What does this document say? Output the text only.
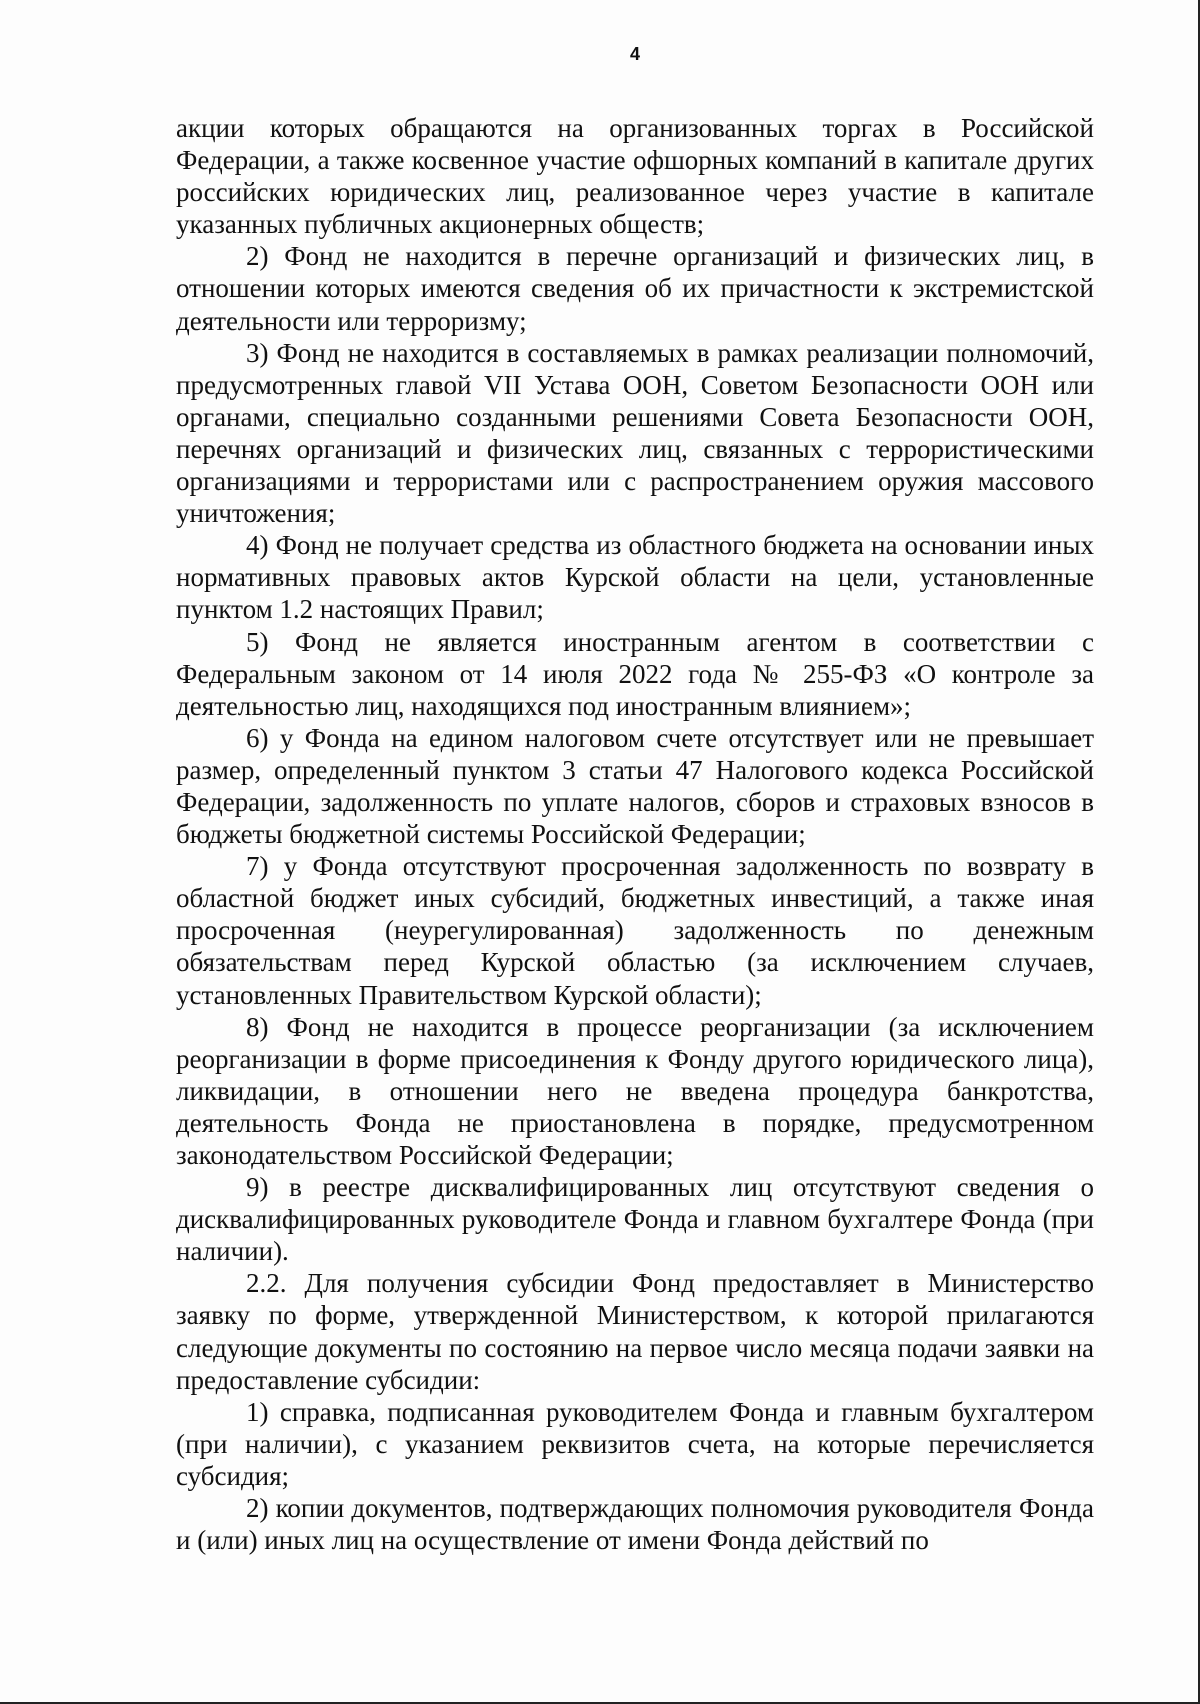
4

акции которых обращаются на организованных торгах в Российской Федерации, а также косвенное участие офшорных компаний в капитале других российских юридических лиц, реализованное через участие в капитале указанных публичных акционерных обществ;

2) Фонд не находится в перечне организаций и физических лиц, в отношении которых имеются сведения об их причастности к экстремистской деятельности или терроризму;

3) Фонд не находится в составляемых в рамках реализации полномочий, предусмотренных главой VII Устава ООН, Советом Безопасности ООН или органами, специально созданными решениями Совета Безопасности ООН, перечнях организаций и физических лиц, связанных с террористическими организациями и террористами или с распространением оружия массового уничтожения;

4) Фонд не получает средства из областного бюджета на основании иных нормативных правовых актов Курской области на цели, установленные пунктом 1.2 настоящих Правил;

5) Фонд не является иностранным агентом в соответствии с Федеральным законом от 14 июля 2022 года № 255-ФЗ «О контроле за деятельностью лиц, находящихся под иностранным влиянием»;

6) у Фонда на едином налоговом счете отсутствует или не превышает размер, определенный пунктом 3 статьи 47 Налогового кодекса Российской Федерации, задолженность по уплате налогов, сборов и страховых взносов в бюджеты бюджетной системы Российской Федерации;

7) у Фонда отсутствуют просроченная задолженность по возврату в областной бюджет иных субсидий, бюджетных инвестиций, а также иная просроченная (неурегулированная) задолженность по денежным обязательствам перед Курской областью (за исключением случаев, установленных Правительством Курской области);

8) Фонд не находится в процессе реорганизации (за исключением реорганизации в форме присоединения к Фонду другого юридического лица), ликвидации, в отношении него не введена процедура банкротства, деятельность Фонда не приостановлена в порядке, предусмотренном законодательством Российской Федерации;

9) в реестре дисквалифицированных лиц отсутствуют сведения о дисквалифицированных руководителе Фонда и главном бухгалтере Фонда (при наличии).

2.2. Для получения субсидии Фонд предоставляет в Министерство заявку по форме, утвержденной Министерством, к которой прилагаются следующие документы по состоянию на первое число месяца подачи заявки на предоставление субсидии:

1) справка, подписанная руководителем Фонда и главным бухгалтером (при наличии), с указанием реквизитов счета, на которые перечисляется субсидия;

2) копии документов, подтверждающих полномочия руководителя Фонда и (или) иных лиц на осуществление от имени Фонда действий по
